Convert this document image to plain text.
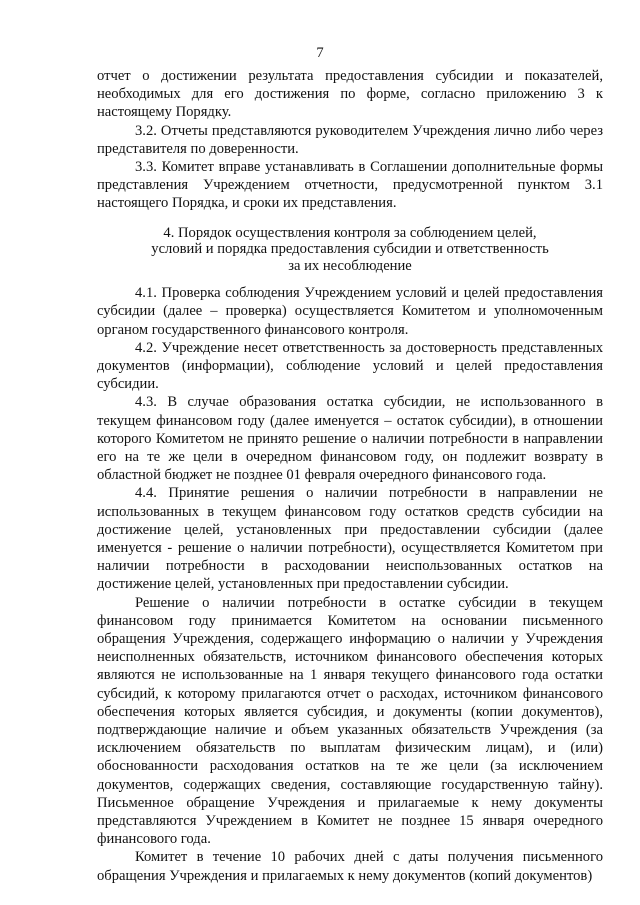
7

отчет о достижении результата предоставления субсидии и показателей, необходимых для его достижения по форме, согласно приложению 3 к настоящему Порядку.

3.2. Отчеты представляются руководителем Учреждения лично либо через представителя по доверенности.

3.3. Комитет вправе устанавливать в Соглашении дополнительные формы представления Учреждением отчетности, предусмотренной пунктом 3.1 настоящего Порядка, и сроки их представления.

4. Порядок осуществления контроля за соблюдением целей,
условий и порядка предоставления субсидии и ответственность
за их несоблюдение

4.1. Проверка соблюдения Учреждением условий и целей предоставления субсидии (далее – проверка) осуществляется Комитетом и уполномоченным органом государственного финансового контроля.

4.2. Учреждение несет ответственность за достоверность представленных документов (информации), соблюдение условий и целей предоставления субсидии.

4.3. В случае образования остатка субсидии, не использованного в текущем финансовом году (далее именуется – остаток субсидии), в отношении которого Комитетом не принято решение о наличии потребности в направлении его на те же цели в очередном финансовом году, он подлежит возврату в областной бюджет не позднее 01 февраля очередного финансового года.

4.4. Принятие решения о наличии потребности в направлении не использованных в текущем финансовом году остатков средств субсидии на достижение целей, установленных при предоставлении субсидии (далее именуется - решение о наличии потребности), осуществляется Комитетом при наличии потребности в расходовании неиспользованных остатков на достижение целей, установленных при предоставлении субсидии.

Решение о наличии потребности в остатке субсидии в текущем финансовом году принимается Комитетом на основании письменного обращения Учреждения, содержащего информацию о наличии у Учреждения неисполненных обязательств, источником финансового обеспечения которых являются не использованные на 1 января текущего финансового года остатки субсидий, к которому прилагаются отчет о расходах, источником финансового обеспечения которых является субсидия, и документы (копии документов), подтверждающие наличие и объем указанных обязательств Учреждения (за исключением обязательств по выплатам физическим лицам), и (или) обоснованности расходования остатков на те же цели (за исключением документов, содержащих сведения, составляющие государственную тайну). Письменное обращение Учреждения и прилагаемые к нему документы представляются Учреждением в Комитет не позднее 15 января очередного финансового года.

Комитет в течение 10 рабочих дней с даты получения письменного обращения Учреждения и прилагаемых к нему документов (копий документов)
